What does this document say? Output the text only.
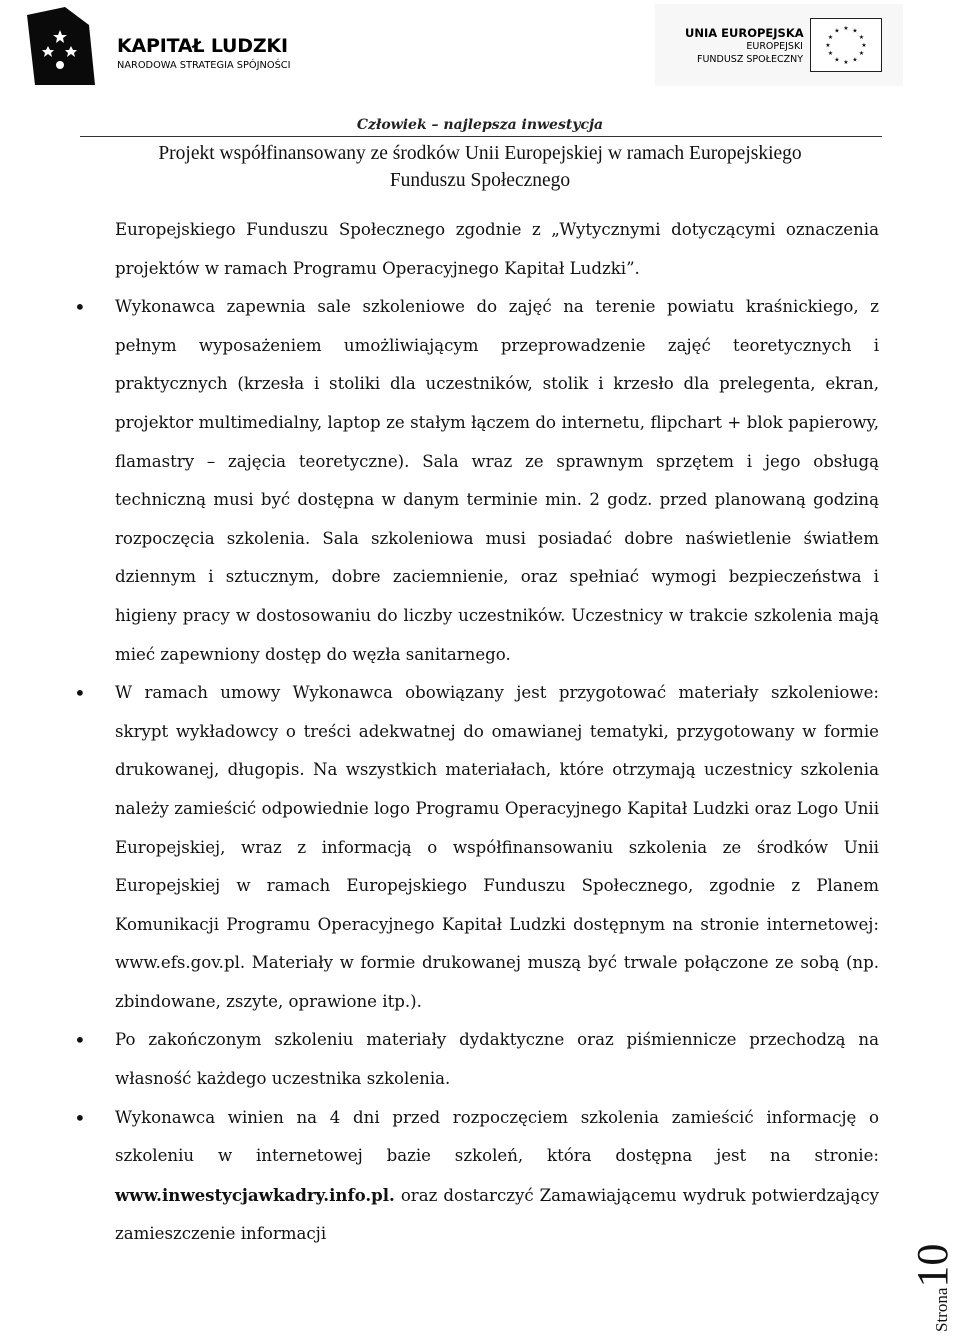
KAPITAŁ LUDZKI
NARODOWA STRATEGIA SPÓJNOŚCI
UNIA EUROPEJSKA
EUROPEJSKI
FUNDUSZ SPOŁECZNY
★ ★
★
★
★
★
★
★
★
★
★
★
Człowiek – najlepsza inwestycja
Projekt współfinansowany ze środków Unii Europejskiej w ramach Europejskiego
Funduszu Społecznego

Europejskiego Funduszu Społecznego zgodnie z „Wytycznymi dotyczącymi oznaczenia projektów w ramach Programu Operacyjnego Kapitał Ludzki”.

• Wykonawca zapewnia sale szkoleniowe do zajęć na terenie powiatu kraśnickiego, z pełnym wyposażeniem umożliwiającym przeprowadzenie zajęć teoretycznych i praktycznych (krzesła i stoliki dla uczestników, stolik i krzesło dla prelegenta, ekran, projektor multimedialny, laptop ze stałym łączem do internetu, flipchart + blok papierowy, flamastry – zajęcia teoretyczne). Sala wraz ze sprawnym sprzętem i jego obsługą techniczną musi być dostępna w danym terminie min. 2 godz. przed planowaną godziną rozpoczęcia szkolenia. Sala szkoleniowa musi posiadać dobre naświetlenie światłem dziennym i sztucznym, dobre zaciemnienie, oraz spełniać wymogi bezpieczeństwa i higieny pracy w dostosowaniu do liczby uczestników. Uczestnicy w trakcie szkolenia mają mieć zapewniony dostęp do węzła sanitarnego.
• W ramach umowy Wykonawca obowiązany jest przygotować materiały szkoleniowe: skrypt wykładowcy o treści adekwatnej do omawianej tematyki, przygotowany w formie drukowanej, długopis. Na wszystkich materiałach, które otrzymają uczestnicy szkolenia należy zamieścić odpowiednie logo Programu Operacyjnego Kapitał Ludzki oraz Logo Unii Europejskiej, wraz z informacją o współfinansowaniu szkolenia ze środków Unii Europejskiej w ramach Europejskiego Funduszu Społecznego, zgodnie z Planem Komunikacji Programu Operacyjnego Kapitał Ludzki dostępnym na stronie internetowej: www.efs.gov.pl. Materiały w formie drukowanej muszą być trwale połączone ze sobą (np. zbindowane, zszyte, oprawione itp.).
• Po zakończonym szkoleniu materiały dydaktyczne oraz piśmiennicze przechodzą na własność każdego uczestnika szkolenia.
• Wykonawca winien na 4 dni przed rozpoczęciem szkolenia zamieścić informację o szkoleniu w internetowej bazie szkoleń, która dostępna jest na stronie: www.inwestycjawkadry.info.pl. oraz dostarczyć Zamawiającemu wydruk potwierdzający zamieszczenie informacji
Strona10
